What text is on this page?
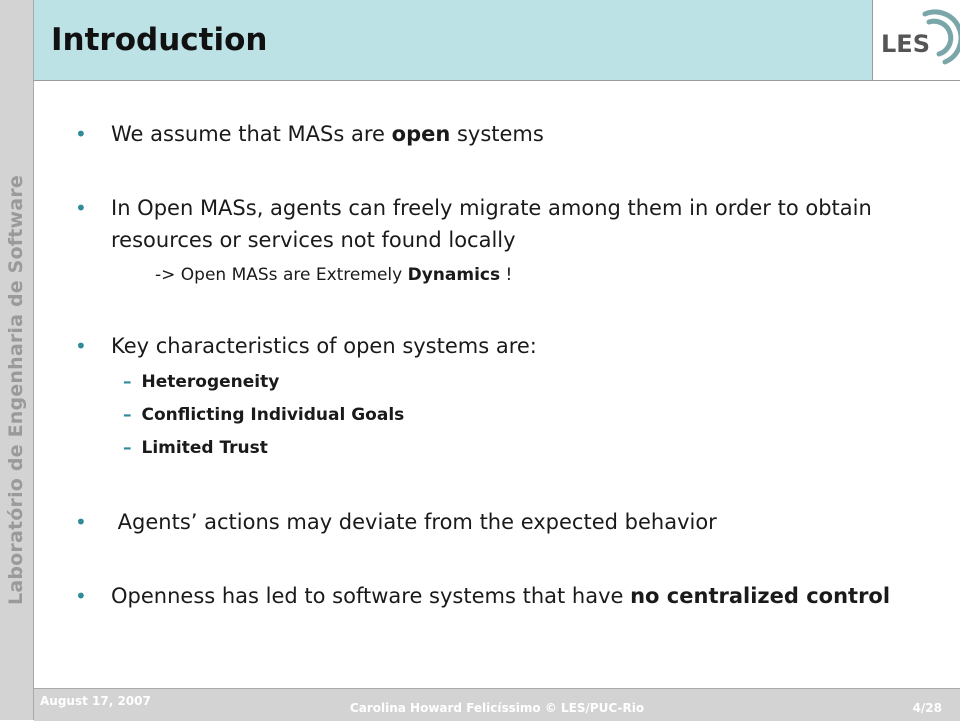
Laboratório de Engenharia de Software
Introduction	LES
• We assume that MASs are open systems
• In Open MASs, agents can freely migrate among them in order to obtain resources or services not found locally
-> Open MASs are Extremely Dynamics !
• Key characteristics of open systems are:
– Heterogeneity
– Conflicting Individual Goals
– Limited Trust
• Agents’ actions may deviate from the expected behavior
• Openness has led to software systems that have no centralized control
August 17, 2007	Carolina Howard Felicíssimo © LES/PUC-Rio	4/28
